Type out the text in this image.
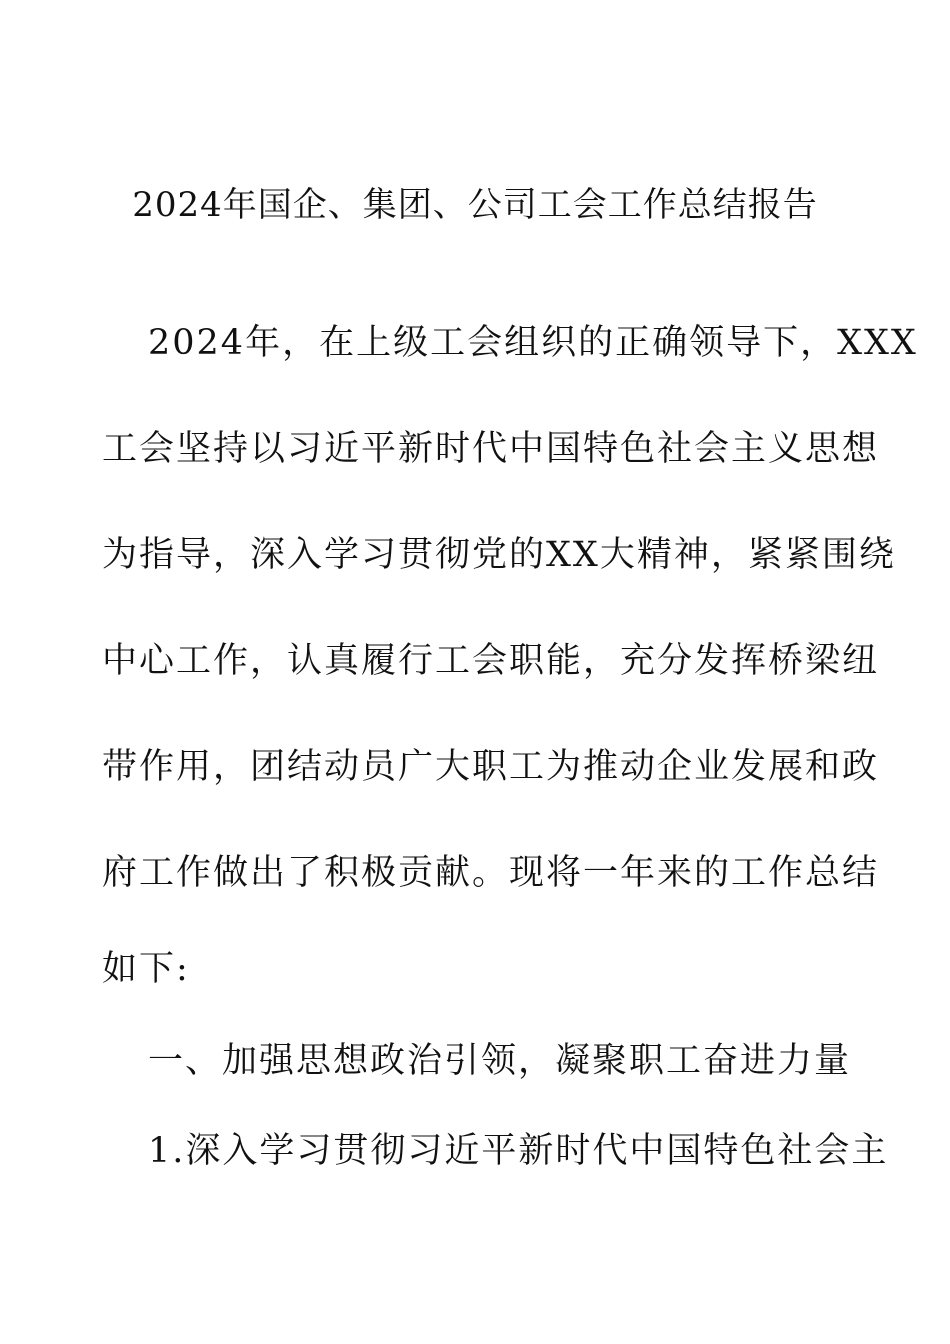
2024年国企、集团、公司工会工作总结报告
2024年，在上级工会组织的正确领导下，XXX
工会坚持以习近平新时代中国特色社会主义思想
为指导，深入学习贯彻党的XX大精神，紧紧围绕
中心工作，认真履行工会职能，充分发挥桥梁纽
带作用，团结动员广大职工为推动企业发展和政
府工作做出了积极贡献。现将一年来的工作总结
如下:
一、加强思想政治引领，凝聚职工奋进力量
1.深入学习贯彻习近平新时代中国特色社会主
